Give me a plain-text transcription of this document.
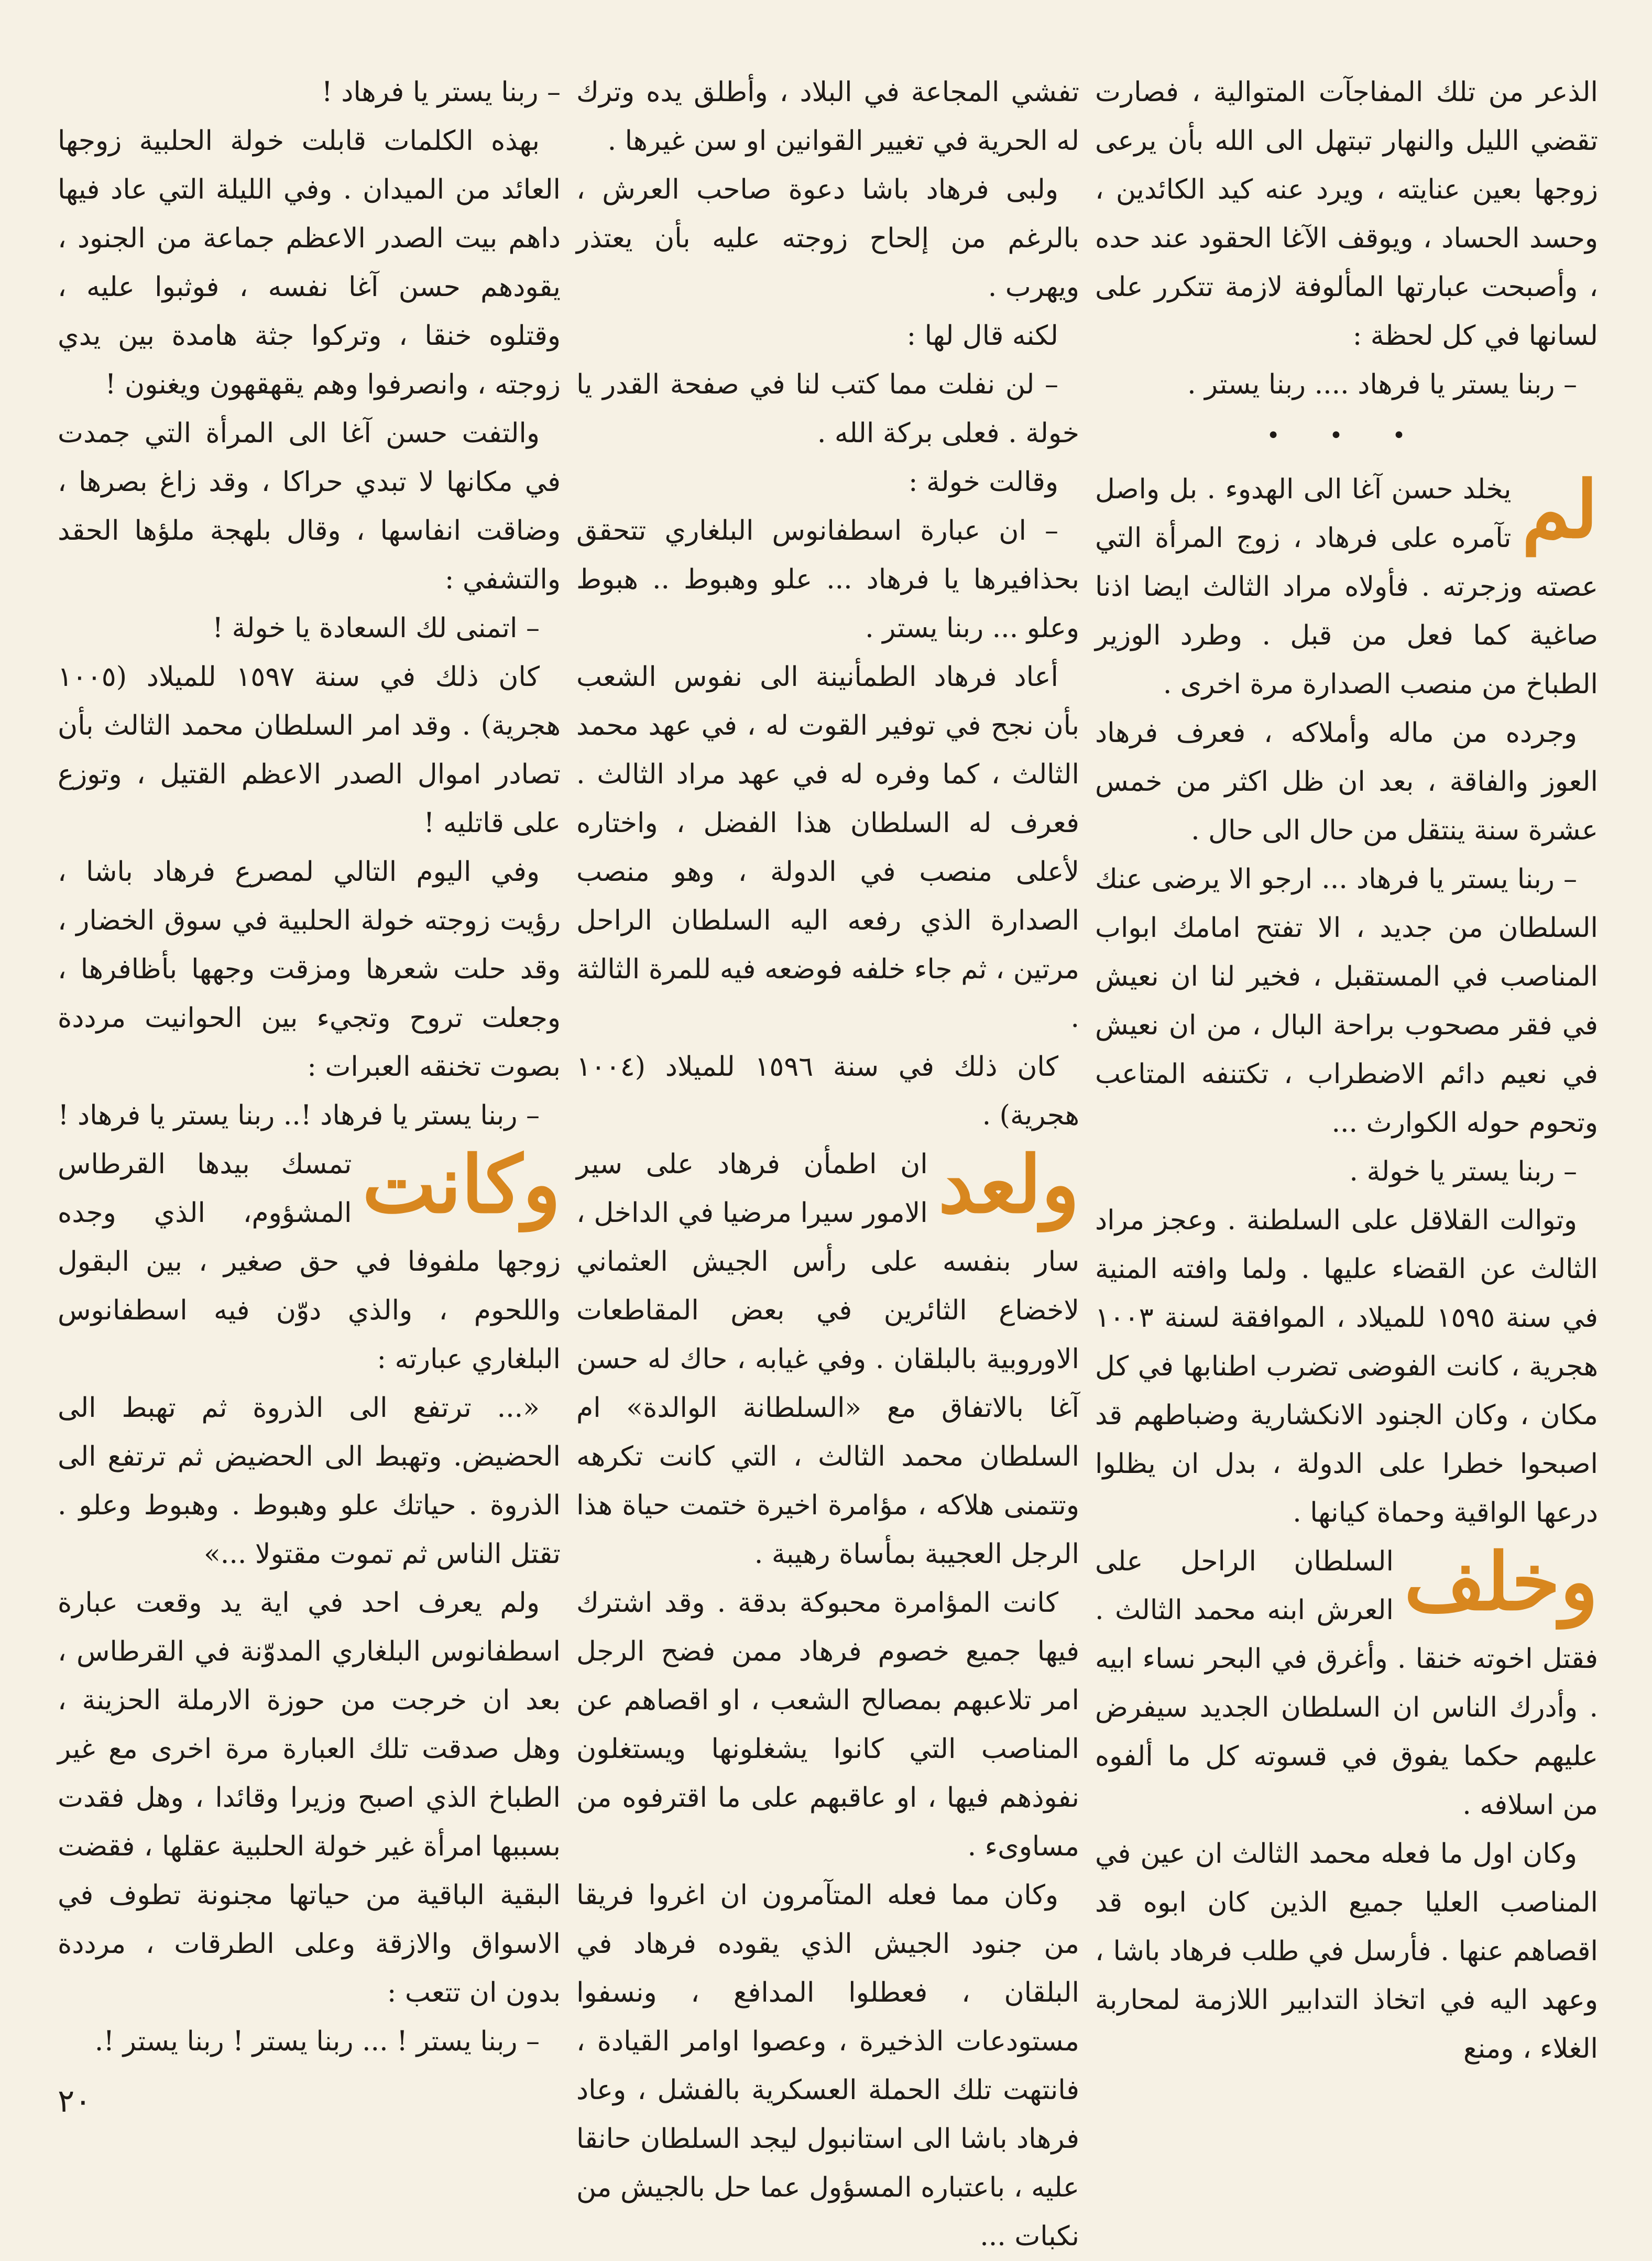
الذعر من تلك المفاجآت المتوالية ، فصارت تقضي الليل والنهار تبتهل الى الله بأن يرعى زوجها بعين عنايته ، ويرد عنه كيد الكائدين ، وحسد الحساد ، ويوقف الآغا الحقود عند حده ، وأصبحت عبارتها المألوفة لازمة تتكرر على لسانها في كل لحظة :

– ربنا يستر يا فرهاد .... ربنا يستر .

• • •
لم

يخلد حسن آغا الى الهدوء . بل واصل تآمره على فرهاد ، زوج المرأة التي عصته وزجرته . فأولاه مراد الثالث ايضا اذنا صاغية كما فعل من قبل . وطرد الوزير الطباخ من منصب الصدارة مرة اخرى .

وجرده من ماله وأملاكه ، فعرف فرهاد العوز والفاقة ، بعد ان ظل اكثر من خمس عشرة سنة ينتقل من حال الى حال .

– ربنا يستر يا فرهاد ... ارجو الا يرضى عنك السلطان من جديد ، الا تفتح امامك ابواب المناصب في المستقبل ، فخير لنا ان نعيش في فقر مصحوب براحة البال ، من ان نعيش في نعيم دائم الاضطراب ، تكتنفه المتاعب وتحوم حوله الكوارث ...

– ربنا يستر يا خولة .

وتوالت القلاقل على السلطنة . وعجز مراد الثالث عن القضاء عليها . ولما وافته المنية في سنة ١٥٩٥ للميلاد ، الموافقة لسنة ١٠٠٣ هجرية ، كانت الفوضى تضرب اطنابها في كل مكان ، وكان الجنود الانكشارية وضباطهم قد اصبحوا خطرا على الدولة ، بدل ان يظلوا درعها الواقية وحماة كيانها .

وخلف

السلطان الراحل على العرش ابنه محمد الثالث . فقتل اخوته خنقا . وأغرق في البحر نساء ابيه . وأدرك الناس ان السلطان الجديد سيفرض عليهم حكما يفوق في قسوته كل ما ألفوه من اسلافه .

وكان اول ما فعله محمد الثالث ان عين في المناصب العليا جميع الذين كان ابوه قد اقصاهم عنها . فأرسل في طلب فرهاد باشا ، وعهد اليه في اتخاذ التدابير اللازمة لمحاربة الغلاء ، ومنع

تفشي المجاعة في البلاد ، وأطلق يده وترك له الحرية في تغيير القوانين او سن غيرها .

ولبى فرهاد باشا دعوة صاحب العرش ، بالرغم من إلحاح زوجته عليه بأن يعتذر ويهرب .

لكنه قال لها :

– لن نفلت مما كتب لنا في صفحة القدر يا خولة . فعلى بركة الله .

وقالت خولة :

– ان عبارة اسطفانوس البلغاري تتحقق بحذافيرها يا فرهاد ... علو وهبوط .. هبوط وعلو ... ربنا يستر .

أعاد فرهاد الطمأنينة الى نفوس الشعب بأن نجح في توفير القوت له ، في عهد محمد الثالث ، كما وفره له في عهد مراد الثالث . فعرف له السلطان هذا الفضل ، واختاره لأعلى منصب في الدولة ، وهو منصب الصدارة الذي رفعه اليه السلطان الراحل مرتين ، ثم جاء خلفه فوضعه فيه للمرة الثالثة .

كان ذلك في سنة ١٥٩٦ للميلاد (١٠٠٤ هجرية) .

ولعد

ان اطمأن فرهاد على سير الامور سيرا مرضيا في الداخل ، سار بنفسه على رأس الجيش العثماني لاخضاع الثائرين في بعض المقاطعات الاوروبية بالبلقان . وفي غيابه ، حاك له حسن آغا بالاتفاق مع «السلطانة الوالدة» ام السلطان محمد الثالث ، التي كانت تكرهه وتتمنى هلاكه ، مؤامرة اخيرة ختمت حياة هذا الرجل العجيبة بمأساة رهيبة .

كانت المؤامرة محبوكة بدقة . وقد اشترك فيها جميع خصوم فرهاد ممن فضح الرجل امر تلاعبهم بمصالح الشعب ، او اقصاهم عن المناصب التي كانوا يشغلونها ويستغلون نفوذهم فيها ، او عاقبهم على ما اقترفوه من مساوىء .

وكان مما فعله المتآمرون ان اغروا فريقا من جنود الجيش الذي يقوده فرهاد في البلقان ، فعطلوا المدافع ، ونسفوا مستودعات الذخيرة ، وعصوا اوامر القيادة ، فانتهت تلك الحملة العسكرية بالفشل ، وعاد فرهاد باشا الى استانبول ليجد السلطان حانقا عليه ، باعتباره المسؤول عما حل بالجيش من نكبات ...

– ربنا يستر يا فرهاد !

بهذه الكلمات قابلت خولة الحلبية زوجها العائد من الميدان . وفي الليلة التي عاد فيها داهم بيت الصدر الاعظم جماعة من الجنود ، يقودهم حسن آغا نفسه ، فوثبوا عليه ، وقتلوه خنقا ، وتركوا جثة هامدة بين يدي زوجته ، وانصرفوا وهم يقهقهون ويغنون !

والتفت حسن آغا الى المرأة التي جمدت في مكانها لا تبدي حراكا ، وقد زاغ بصرها ، وضاقت انفاسها ، وقال بلهجة ملؤها الحقد والتشفي :

– اتمنى لك السعادة يا خولة !

كان ذلك في سنة ١٥٩٧ للميلاد (١٠٠٥ هجرية) . وقد امر السلطان محمد الثالث بأن تصادر اموال الصدر الاعظم القتيل ، وتوزع على قاتليه !

وفي اليوم التالي لمصرع فرهاد باشا ، رؤيت زوجته خولة الحلبية في سوق الخضار ، وقد حلت شعرها ومزقت وجهها بأظافرها ، وجعلت تروح وتجيء بين الحوانيت مرددة بصوت تخنقه العبرات :

– ربنا يستر يا فرهاد !.. ربنا يستر يا فرهاد !

وكانت

تمسك بيدها القرطاس المشؤوم، الذي وجده زوجها ملفوفا في حق صغير ، بين البقول واللحوم ، والذي دوّن فيه اسطفانوس البلغاري عبارته :

«... ترتفع الى الذروة ثم تهبط الى الحضيض. وتهبط الى الحضيض ثم ترتفع الى الذروة . حياتك علو وهبوط . وهبوط وعلو . تقتل الناس ثم تموت مقتولا ...»

ولم يعرف احد في اية يد وقعت عبارة اسطفانوس البلغاري المدوّنة في القرطاس ، بعد ان خرجت من حوزة الارملة الحزينة ، وهل صدقت تلك العبارة مرة اخرى مع غير الطباخ الذي اصبح وزيرا وقائدا ، وهل فقدت بسببها امرأة غير خولة الحلبية عقلها ، فقضت البقية الباقية من حياتها مجنونة تطوف في الاسواق والازقة وعلى الطرقات ، مرددة بدون ان تتعب :

– ربنا يستر ! ... ربنا يستر ! ربنا يستر !.

٢٠
